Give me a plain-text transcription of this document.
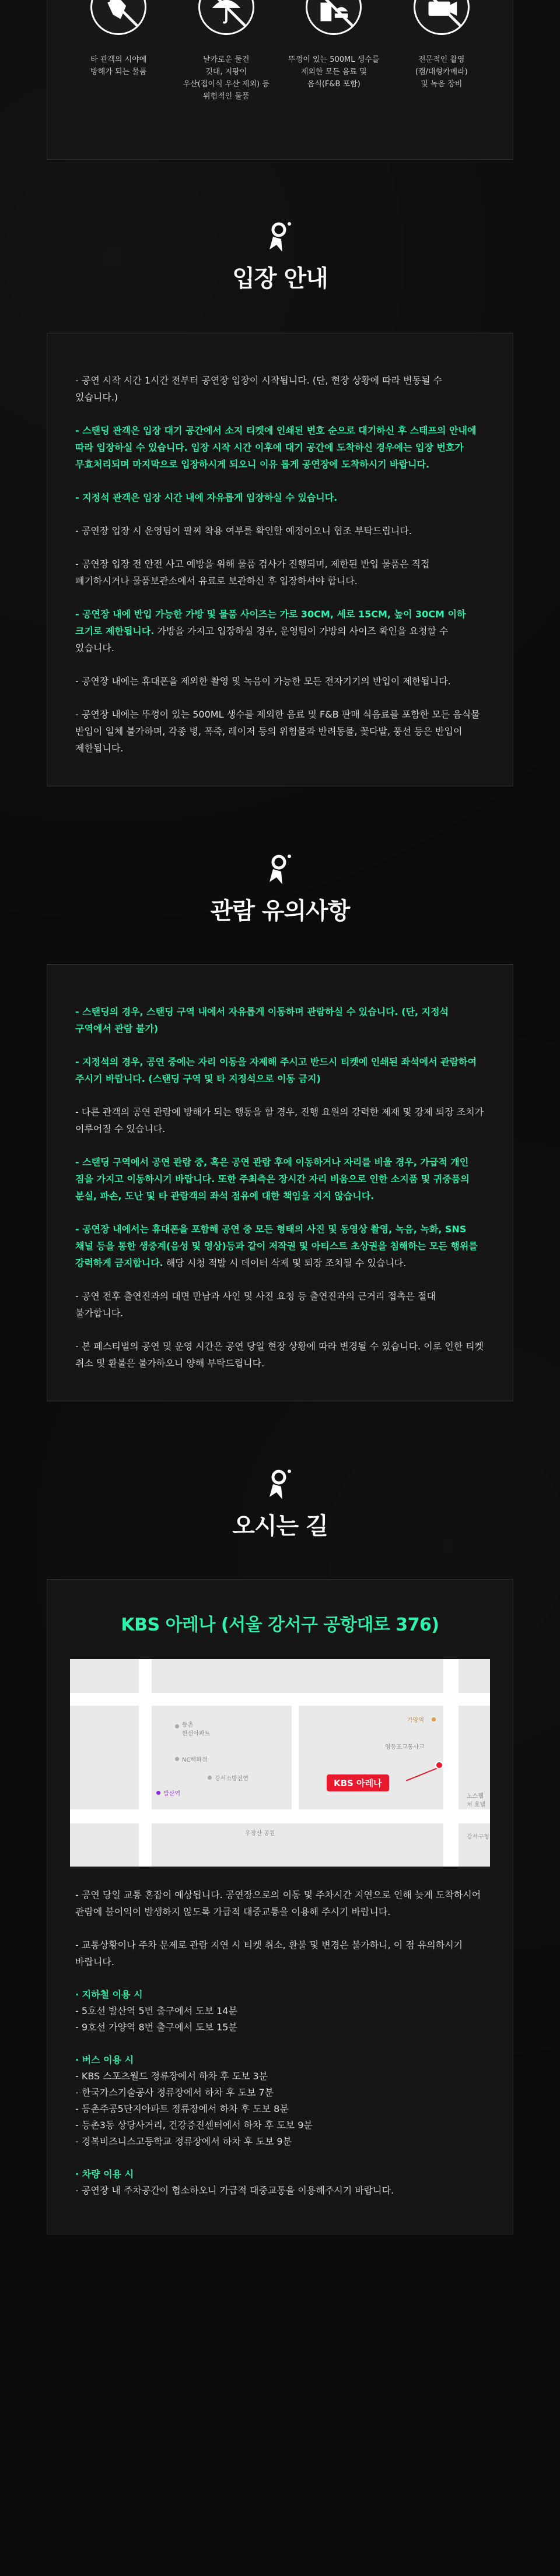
타 관객의 시야에
방해가 되는 물품
날카로운 물건
깃대, 지팡이
우산(접이식 우산 제외) 등
위험적인 물품
뚜껑이 있는 500ML 생수를
제외한 모든 음료 및
음식(F&B 포함)
전문적인 촬영
(캠/대형카메라)
및 녹음 장비
입장 안내
- 공연 시작 시간 1시간 전부터 공연장 입장이 시작됩니다. (단, 현장 상황에 따라 변동될 수 있습니다.)
- 스탠딩 관객은 입장 대기 공간에서 소지 티켓에 인쇄된 번호 순으로 대기하신 후 스태프의 안내에 따라 입장하실 수 있습니다. 입장 시작 시간 이후에 대기 공간에 도착하신 경우에는 입장 번호가 무효처리되며 마지막으로 입장하시게 되오니 이유 롭게 공연장에 도착하시기 바랍니다.
- 지정석 관객은 입장 시간 내에 자유롭게 입장하실 수 있습니다.
- 공연장 입장 시 운영팀이 팔찌 착용 여부를 확인할 예정이오니 협조 부탁드립니다.
- 공연장 입장 전 안전 사고 예방을 위해 물품 검사가 진행되며, 제한된 반입 물품은 직접 폐기하시거나 물품보관소에서 유료로 보관하신 후 입장하셔야 합니다.
- 공연장 내에 반입 가능한 가방 및 물품 사이즈는 가로 30CM, 세로 15CM, 높이 30CM 이하 크기로 제한됩니다. 가방을 가지고 입장하실 경우, 운영팀이 가방의 사이즈 확인을 요청할 수 있습니다.
- 공연장 내에는 휴대폰을 제외한 촬영 및 녹음이 가능한 모든 전자기기의 반입이 제한됩니다.
- 공연장 내에는 뚜껑이 있는 500ML 생수를 제외한 음료 및 F&B 판매 식음료를 포함한 모든 음식물 반입이 일체 불가하며, 각종 병, 폭죽, 레이저 등의 위험물과 반려동물, 꽃다발, 풍선 등은 반입이 제한됩니다.
관람 유의사항
- 스탠딩의 경우, 스탠딩 구역 내에서 자유롭게 이동하며 관람하실 수 있습니다. (단, 지정석 구역에서 관람 불가)
- 지정석의 경우, 공연 중에는 자리 이동을 자제해 주시고 반드시 티켓에 인쇄된 좌석에서 관람하여 주시기 바랍니다. (스탠딩 구역 및 타 지정석으로 이동 금지)
- 다른 관객의 공연 관람에 방해가 되는 행동을 할 경우, 진행 요원의 강력한 제재 및 강제 퇴장 조치가 이루어질 수 있습니다.
- 스탠딩 구역에서 공연 관람 중, 혹은 공연 관람 후에 이동하거나 자리를 비울 경우, 가급적 개인 짐을 가지고 이동하시기 바랍니다. 또한 주최측은 장시간 자리 비움으로 인한 소지품 및 귀중품의 분실, 파손, 도난 및 타 관람객의 좌석 점유에 대한 책임을 지지 않습니다.
- 공연장 내에서는 휴대폰을 포함해 공연 중 모든 형태의 사진 및 동영상 촬영, 녹음, 녹화, SNS 채널 등을 통한 생중계(음성 및 영상)등과 같이 저작권 및 아티스트 초상권을 침해하는 모든 행위를 강력하게 금지합니다. 해당 시청 적발 시 데이터 삭제 및 퇴장 조치될 수 있습니다.
- 공연 전후 출연진과의 대면 만남과 사인 및 사진 요청 등 출연진과의 근거리 접촉은 절대 불가합니다.
- 본 페스티벌의 공연 및 운영 시간은 공연 당일 현장 상황에 따라 변경될 수 있습니다. 이로 인한 티켓 취소 및 환불은 불가하오니 양해 부탁드립니다.
오시는 길
KBS 아레나 (서울 강서구 공항대로 376)
등촌
한선아파트
NC백화점
강서소방전연
가양역
영등포교통사교
발산역
우장산 공원
노스웰처 호텔
강서구청
KBS 아레나
- 공연 당일 교통 혼잡이 예상됩니다. 공연장으로의 이동 및 주차시간 지연으로 인해 늦게 도착하시어 관람에 불이익이 발생하지 않도록 가급적 대중교통을 이용해 주시기 바랍니다.
- 교통상황이나 주차 문제로 관람 지연 시 티켓 취소, 환불 및 변경은 불가하니, 이 점 유의하시기 바랍니다.
· 지하철 이용 시
- 5호선 발산역 5번 출구에서 도보 14분
- 9호선 가양역 8번 출구에서 도보 15분
· 버스 이용 시
- KBS 스포츠월드 정류장에서 하차 후 도보 3분
- 한국가스기술공사 정류장에서 하차 후 도보 7분
- 등촌주공5단지아파트 정류장에서 하차 후 도보 8분
- 등촌3동 상당사거리, 건강증진센터에서 하차 후 도보 9분
- 경복비즈니스고등학교 정류장에서 하차 후 도보 9분
· 차량 이용 시
- 공연장 내 주차공간이 협소하오니 가급적 대중교통을 이용해주시기 바랍니다.
